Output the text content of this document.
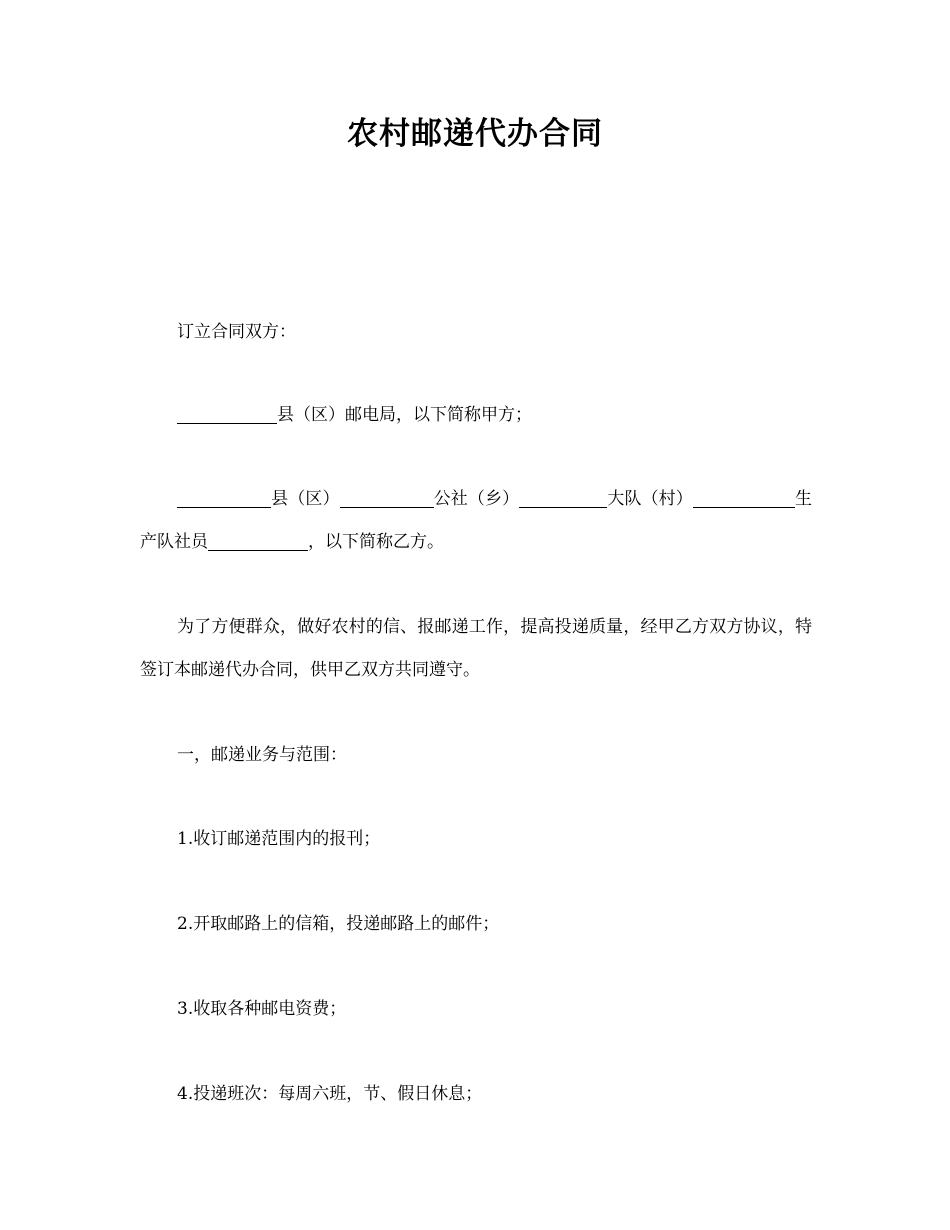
农村邮递代办合同

订立合同双方：

县（区）邮电局，以下简称甲方；

县（区）	公社（乡）	大队（村）	生产队社员	，以下简称乙方。

为了方便群众，做好农村的信、报邮递工作，提高投递质量，经甲乙方双方协议，特签订本邮递代办合同，供甲乙双方共同遵守。

一，邮递业务与范围：

1.收订邮递范围内的报刊；

2.开取邮路上的信箱，投递邮路上的邮件；

3.收取各种邮电资费；

4.投递班次：每周六班，节、假日休息；
